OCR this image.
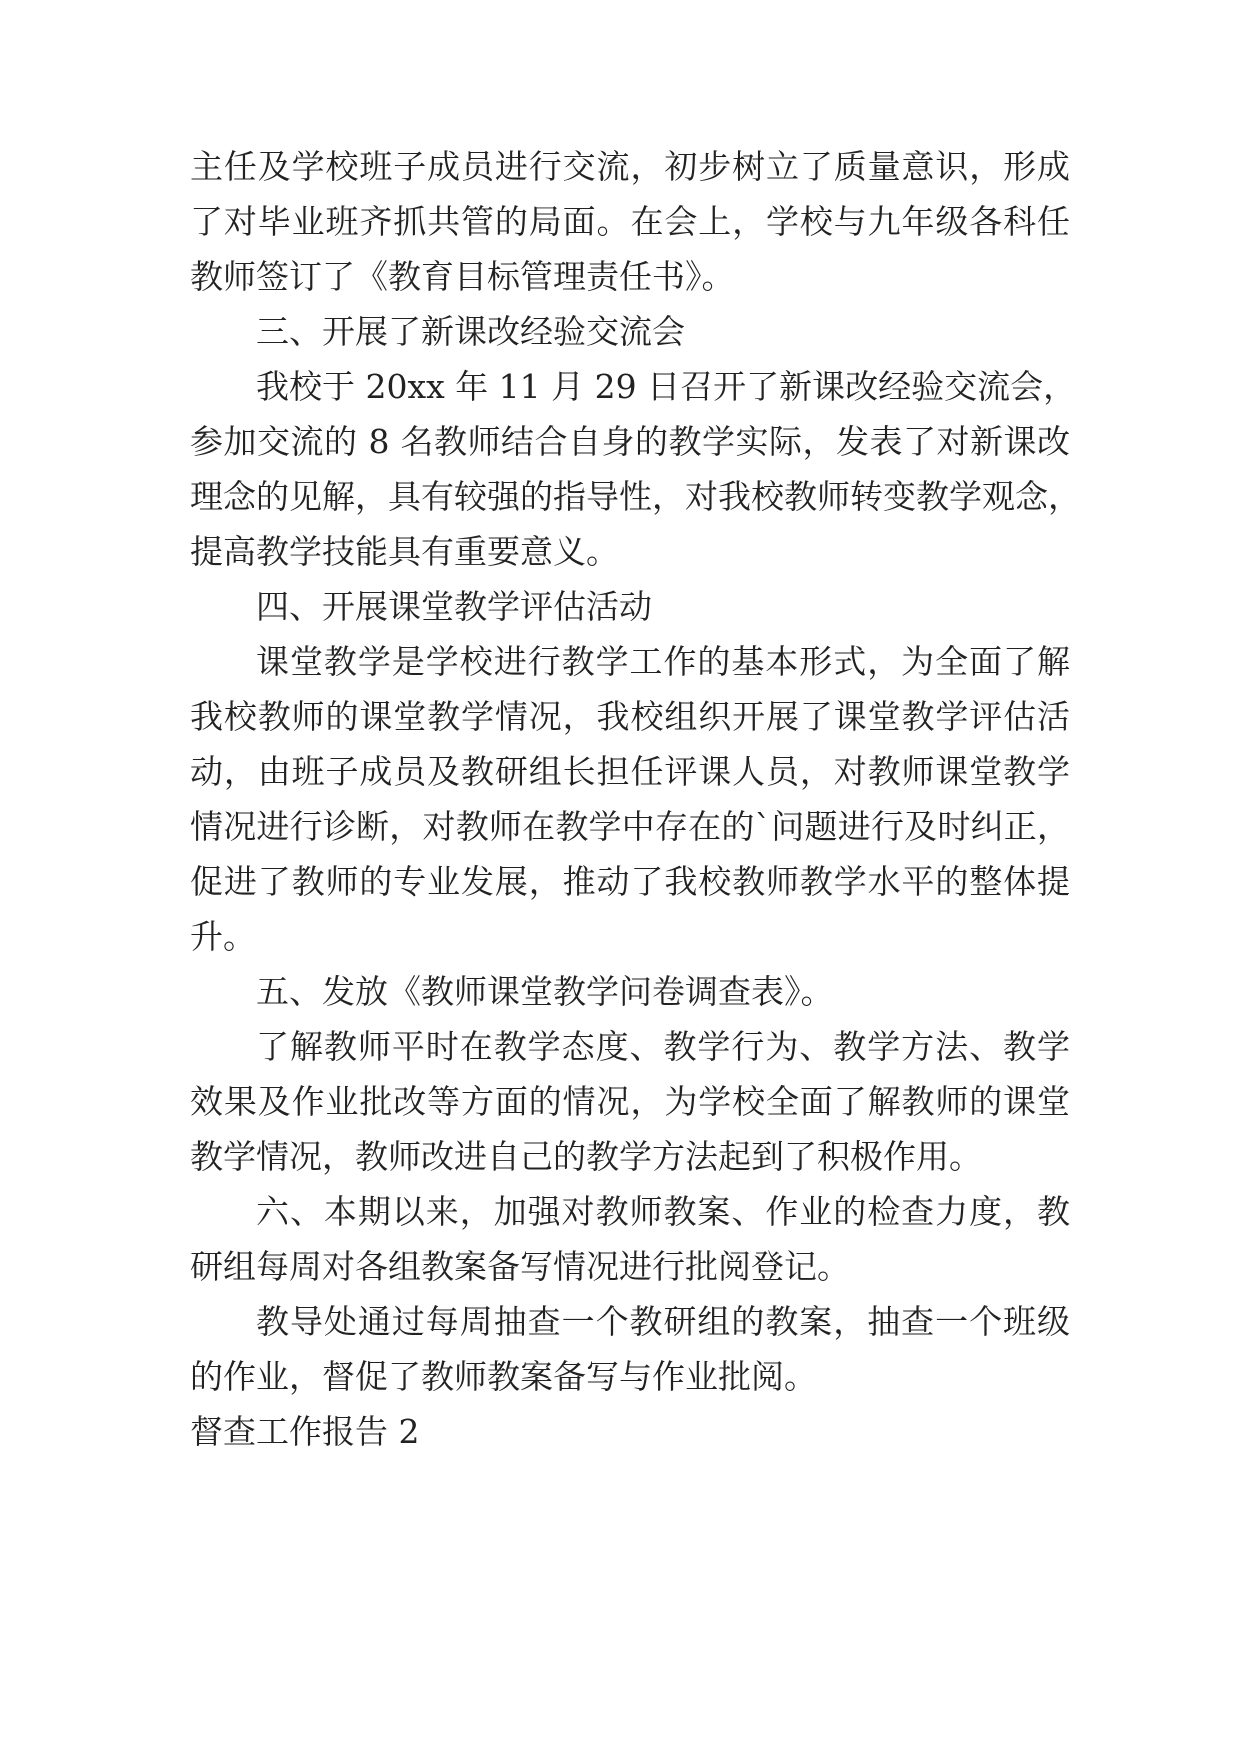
主任及学校班子成员进行交流，初步树立了质量意识，形成
了对毕业班齐抓共管的局面。在会上，学校与九年级各科任
教师签订了《教育目标管理责任书》。
三、开展了新课改经验交流会
我校于 20xx 年 11 月 29 日召开了新课改经验交流会，
参加交流的 8 名教师结合自身的教学实际，发表了对新课改
理念的见解，具有较强的指导性，对我校教师转变教学观念，
提高教学技能具有重要意义。
四、开展课堂教学评估活动
课堂教学是学校进行教学工作的基本形式，为全面了解
我校教师的课堂教学情况，我校组织开展了课堂教学评估活
动，由班子成员及教研组长担任评课人员，对教师课堂教学
情况进行诊断，对教师在教学中存在的`问题进行及时纠正，
促进了教师的专业发展，推动了我校教师教学水平的整体提
升。
五、发放《教师课堂教学问卷调查表》。
了解教师平时在教学态度、教学行为、教学方法、教学
效果及作业批改等方面的情况，为学校全面了解教师的课堂
教学情况，教师改进自己的教学方法起到了积极作用。
六、本期以来，加强对教师教案、作业的检查力度，教
研组每周对各组教案备写情况进行批阅登记。
教导处通过每周抽查一个教研组的教案，抽查一个班级
的作业，督促了教师教案备写与作业批阅。
督查工作报告 2
